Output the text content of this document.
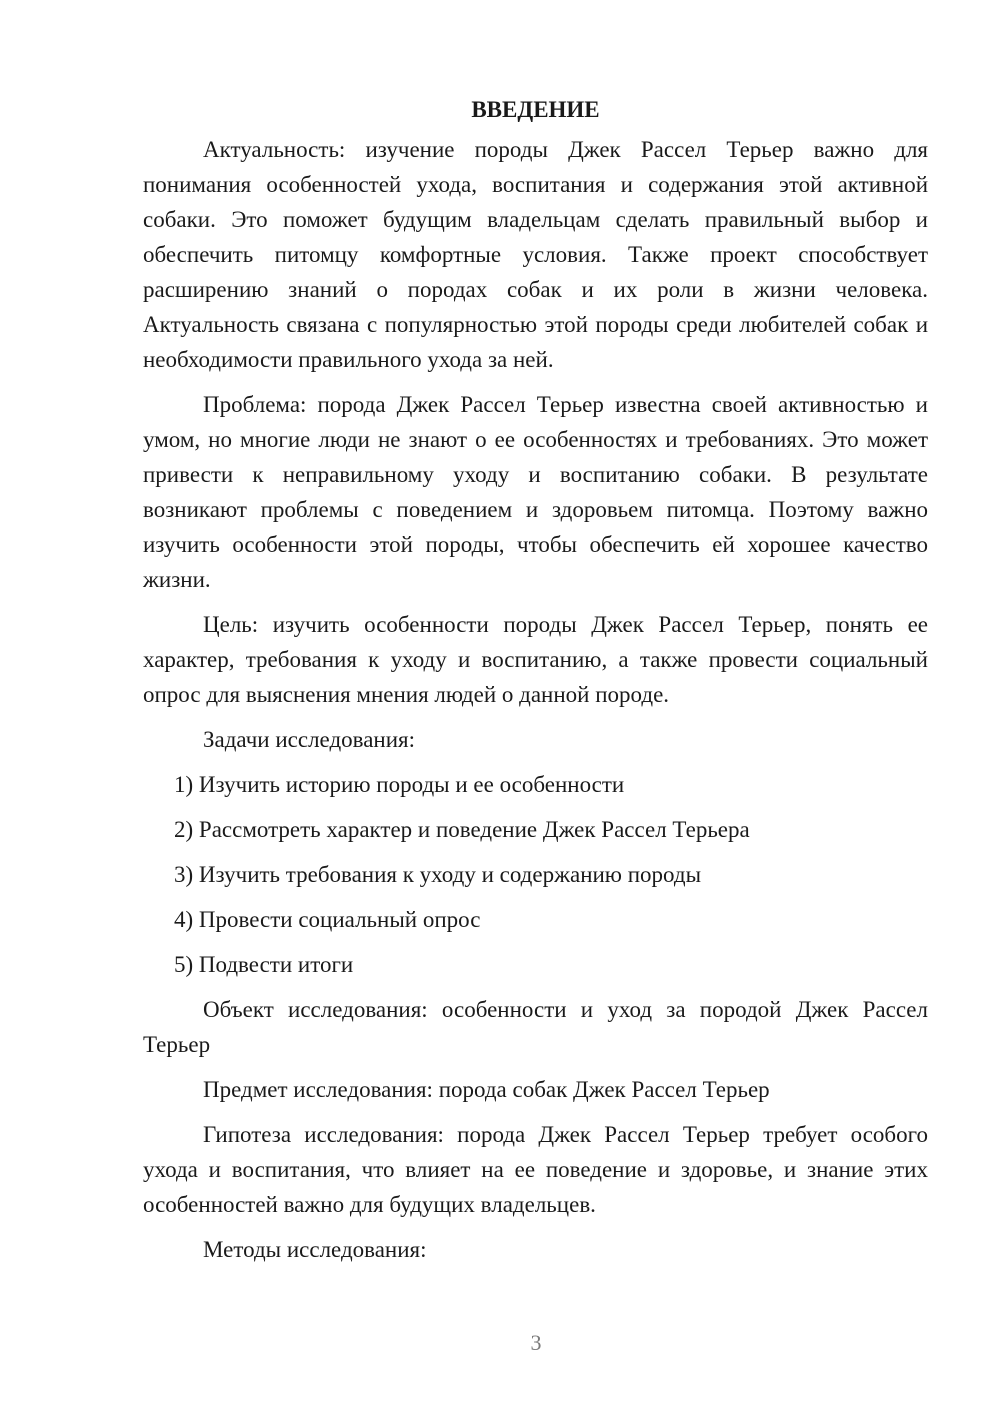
ВВЕДЕНИЕ

Актуальность: изучение породы Джек Рассел Терьер важно для понимания особенностей ухода, воспитания и содержания этой активной собаки. Это поможет будущим владельцам сделать правильный выбор и обеспечить питомцу комфортные условия. Также проект способствует расширению знаний о породах собак и их роли в жизни человека. Актуальность связана с популярностью этой породы среди любителей собак и необходимости правильного ухода за ней.

Проблема: порода Джек Рассел Терьер известна своей активностью и умом, но многие люди не знают о ее особенностях и требованиях. Это может привести к неправильному уходу и воспитанию собаки. В результате возникают проблемы с поведением и здоровьем питомца. Поэтому важно изучить особенности этой породы, чтобы обеспечить ей хорошее качество жизни.

Цель: изучить особенности породы Джек Рассел Терьер, понять ее характер, требования к уходу и воспитанию, а также провести социальный опрос для выяснения мнения людей о данной породе.

Задачи исследования:

1) Изучить историю породы и ее особенности
2) Рассмотреть характер и поведение Джек Рассел Терьера
3) Изучить требования к уходу и содержанию породы
4) Провести социальный опрос
5) Подвести итоги

Объект исследования: особенности и уход за породой Джек Рассел Терьер

Предмет исследования: порода собак Джек Рассел Терьер

Гипотеза исследования: порода Джек Рассел Терьер требует особого ухода и воспитания, что влияет на ее поведение и здоровье, и знание этих особенностей важно для будущих владельцев.

Методы исследования:

3
